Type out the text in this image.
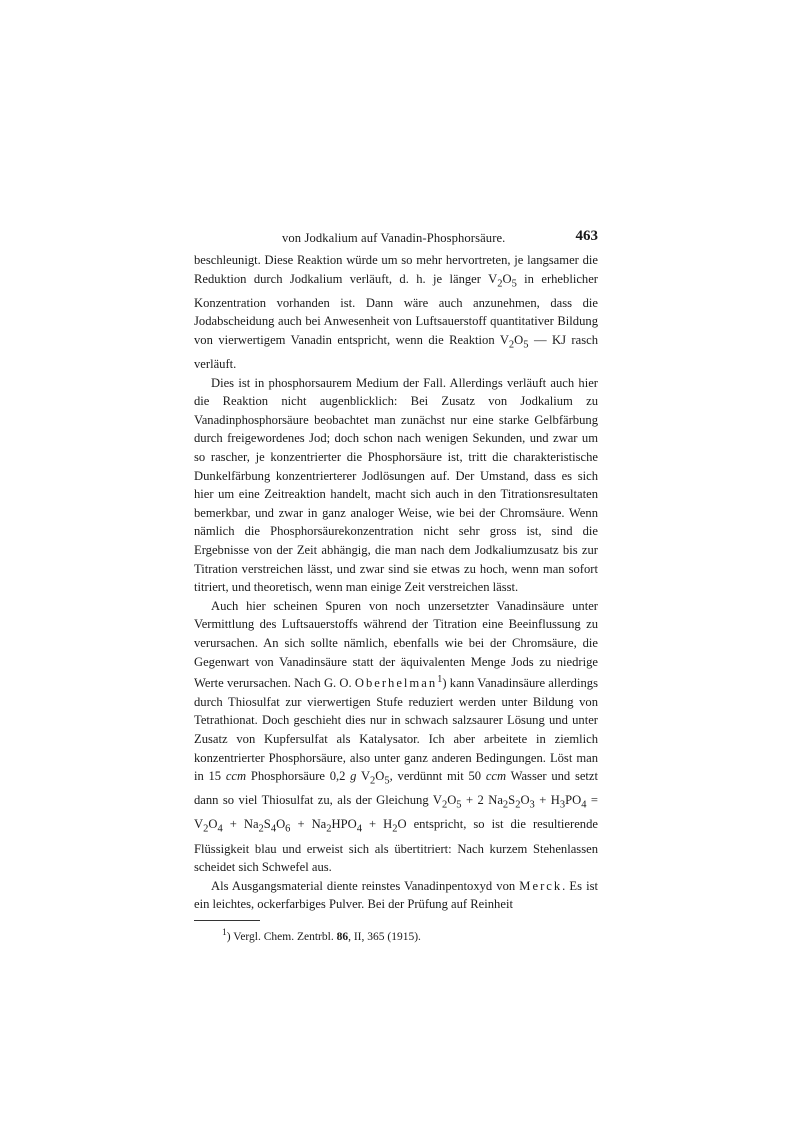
von Jodkalium auf Vanadin-Phosphorsäure.	463

beschleunigt. Diese Reaktion würde um so mehr hervortreten, je langsamer die Reduktion durch Jodkalium verläuft, d. h. je länger $V_2O_5$ in erheblicher Konzentration vorhanden ist. Dann wäre auch anzunehmen, dass die Jodabscheidung auch bei Anwesenheit von Luftsauerstoff quantitativer Bildung von vierwertigem Vanadin entspricht, wenn die Reaktion $V_2O_5$ — KJ rasch verläuft.

Dies ist in phosphorsaurem Medium der Fall. Allerdings verläuft auch hier die Reaktion nicht augenblicklich: Bei Zusatz von Jodkalium zu Vanadinphosphorsäure beobachtet man zunächst nur eine starke Gelbfärbung durch freigewordenes Jod; doch schon nach wenigen Sekunden, und zwar um so rascher, je konzentrierter die Phosphorsäure ist, tritt die charakteristische Dunkelfärbung konzentrierterer Jodlösungen auf. Der Umstand, dass es sich hier um eine Zeitreaktion handelt, macht sich auch in den Titrationsresultaten bemerkbar, und zwar in ganz analoger Weise, wie bei der Chromsäure. Wenn nämlich die Phosphorsäurekonzentration nicht sehr gross ist, sind die Ergebnisse von der Zeit abhängig, die man nach dem Jodkaliumzusatz bis zur Titration verstreichen lässt, und zwar sind sie etwas zu hoch, wenn man sofort titriert, und theoretisch, wenn man einige Zeit verstreichen lässt.

Auch hier scheinen Spuren von noch unzersetzter Vanadinsäure unter Vermittlung des Luftsauerstoffs während der Titration eine Beeinflussung zu verursachen. An sich sollte nämlich, ebenfalls wie bei der Chromsäure, die Gegenwart von Vanadinsäure statt der äquivalenten Menge Jods zu niedrige Werte verursachen. Nach G. O. Oberhelman$^1$) kann Vanadinsäure allerdings durch Thiosulfat zur vierwertigen Stufe reduziert werden unter Bildung von Tetrathionat. Doch geschieht dies nur in schwach salzsaurer Lösung und unter Zusatz von Kupfersulfat als Katalysator. Ich aber arbeitete in ziemlich konzentrierter Phosphorsäure, also unter ganz anderen Bedingungen. Löst man in 15 ccm Phosphorsäure 0,2 g $V_2O_5$, verdünnt mit 50 ccm Wasser und setzt dann so viel Thiosulfat zu, als der Gleichung $V_2O_5 + 2$ $Na_2S_2O_3 + H_3PO_4 = V_2O_4 + Na_2S_4O_6 + Na_2HPO_4 + H_2O$ entspricht, so ist die resultierende Flüssigkeit blau und erweist sich als übertitriert: Nach kurzem Stehenlassen scheidet sich Schwefel aus.

Als Ausgangsmaterial diente reinstes Vanadinpentoxyd von Merck. Es ist ein leichtes, ockerfarbiges Pulver. Bei der Prüfung auf Reinheit

$^1$) Vergl. Chem. Zentrbl. 86, II, 365 (1915).
